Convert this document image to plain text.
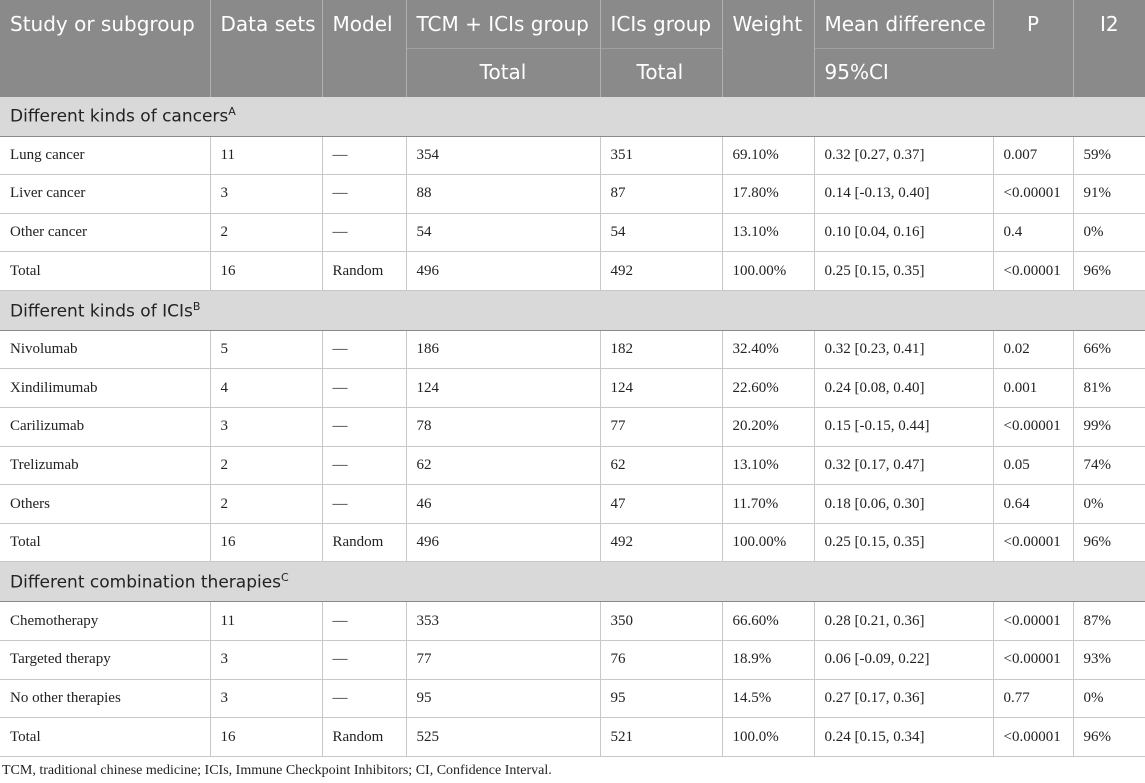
Study or subgroup	Data sets	Model	TCM + ICIs group	ICIs group	Weight	Mean difference	P	I2
			Total	Total		95%CI		
Different kinds of cancers$^A$
Lung cancer	11	—	354	351	69.10%	0.32 [0.27, 0.37]	0.007	59%
Liver cancer	3	—	88	87	17.80%	0.14 [-0.13, 0.40]	<0.00001	91%
Other cancer	2	—	54	54	13.10%	0.10 [0.04, 0.16]	0.4	0%
Total	16	Random	496	492	100.00%	0.25 [0.15, 0.35]	<0.00001	96%
Different kinds of ICIs$^B$
Nivolumab	5	—	186	182	32.40%	0.32 [0.23, 0.41]	0.02	66%
Xindilimumab	4	—	124	124	22.60%	0.24 [0.08, 0.40]	0.001	81%
Carilizumab	3	—	78	77	20.20%	0.15 [-0.15, 0.44]	<0.00001	99%
Trelizumab	2	—	62	62	13.10%	0.32 [0.17, 0.47]	0.05	74%
Others	2	—	46	47	11.70%	0.18 [0.06, 0.30]	0.64	0%
Total	16	Random	496	492	100.00%	0.25 [0.15, 0.35]	<0.00001	96%
Different combination therapies$^C$
Chemotherapy	11	—	353	350	66.60%	0.28 [0.21, 0.36]	<0.00001	87%
Targeted therapy	3	—	77	76	18.9%	0.06 [-0.09, 0.22]	<0.00001	93%
No other therapies	3	—	95	95	14.5%	0.27 [0.17, 0.36]	0.77	0%
Total	16	Random	525	521	100.0%	0.24 [0.15, 0.34]	<0.00001	96%
TCM, traditional chinese medicine; ICIs, Immune Checkpoint Inhibitors; CI, Confidence Interval.
